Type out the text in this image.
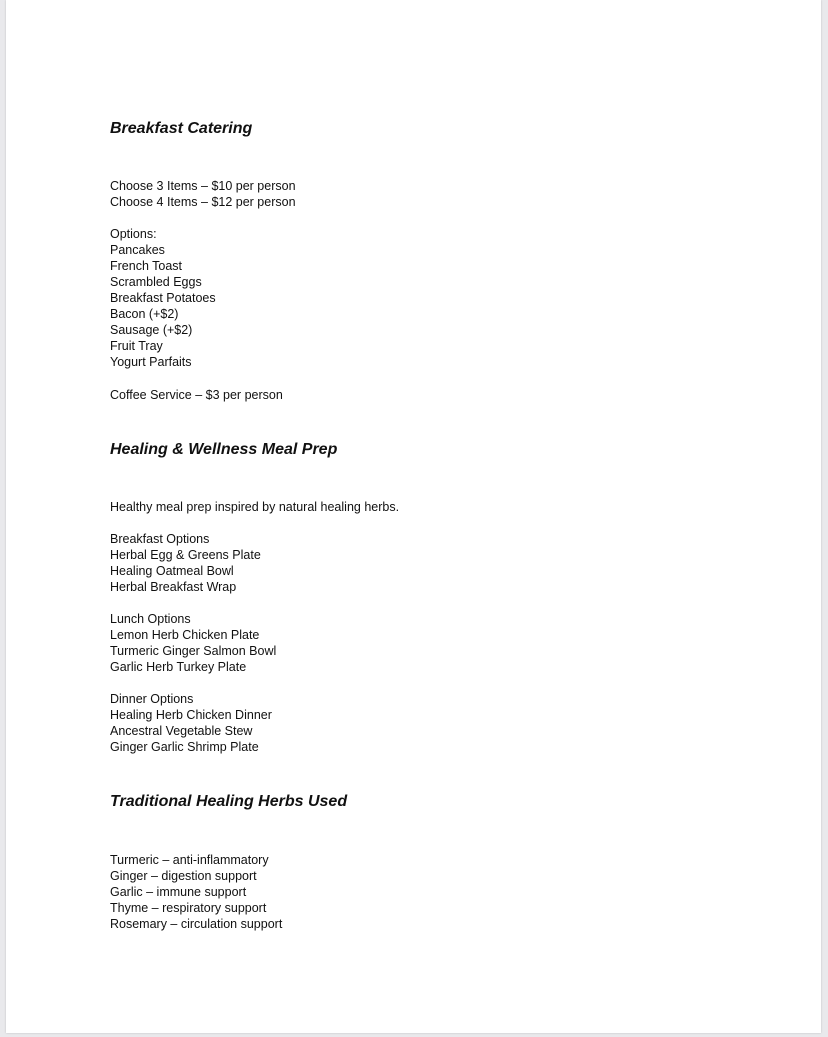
Breakfast Catering
Choose 3 Items – $10 per person
Choose 4 Items – $12 per person
Options:
Pancakes
French Toast
Scrambled Eggs
Breakfast Potatoes
Bacon (+$2)
Sausage (+$2)
Fruit Tray
Yogurt Parfaits
Coffee Service – $3 per person
Healing & Wellness Meal Prep
Healthy meal prep inspired by natural healing herbs.
Breakfast Options
Herbal Egg & Greens Plate
Healing Oatmeal Bowl
Herbal Breakfast Wrap
Lunch Options
Lemon Herb Chicken Plate
Turmeric Ginger Salmon Bowl
Garlic Herb Turkey Plate
Dinner Options
Healing Herb Chicken Dinner
Ancestral Vegetable Stew
Ginger Garlic Shrimp Plate
Traditional Healing Herbs Used
Turmeric – anti-inflammatory
Ginger – digestion support
Garlic – immune support
Thyme – respiratory support
Rosemary – circulation support
